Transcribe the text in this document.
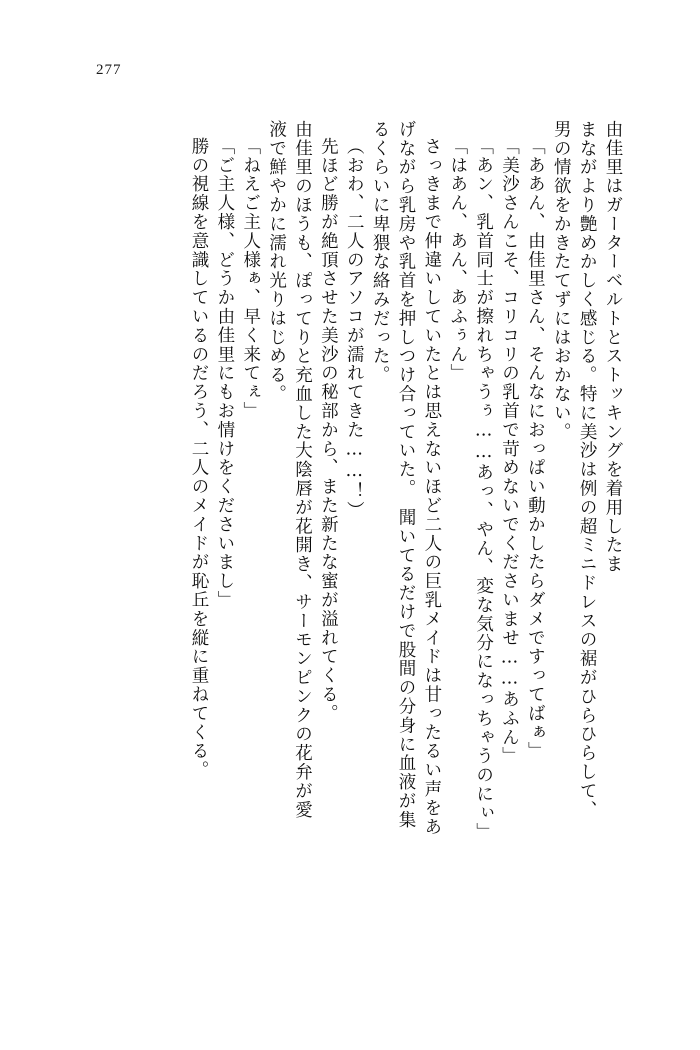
277
由佳里はガーターベルトとストッキングを着用したま
まながより艶めかしく感じる。特に美沙は例の超ミニドレスの裾がひらひらして、
男の情欲をかきたてずにはおかない。
「ああん、由佳里さん、そんなにおっぱい動かしたらダメですってばぁ」
「美沙さんこそ、コリコリの乳首で苛めないでくださいませ……あふん」
「あン、乳首同士が擦れちゃうぅ……あっ、やん、変な気分になっちゃうのにぃ」
「はあん、あん、あふぅん」
さっきまで仲違いしていたとは思えないほど二人の巨乳メイドは甘ったるい声をあ
げながら乳房や乳首を押しつけ合っていた。　聞いてるだけで股間の分身に血液が集
るくらいに卑猥な絡みだった。
（おわ、二人のアソコが濡れてきた……！）
先ほど勝が絶頂させた美沙の秘部から、また新たな蜜が溢れてくる。
由佳里のほうも、ぽってりと充血した大陰唇が花開き、サーモンピンクの花弁が愛
液で鮮やかに濡れ光りはじめる。
「ねえご主人様ぁ、早く来てぇ」
「ご主人様、どうか由佳里にもお情けをくださいまし」
勝の視線を意識しているのだろう、二人のメイドが恥丘を縦に重ねてくる。
